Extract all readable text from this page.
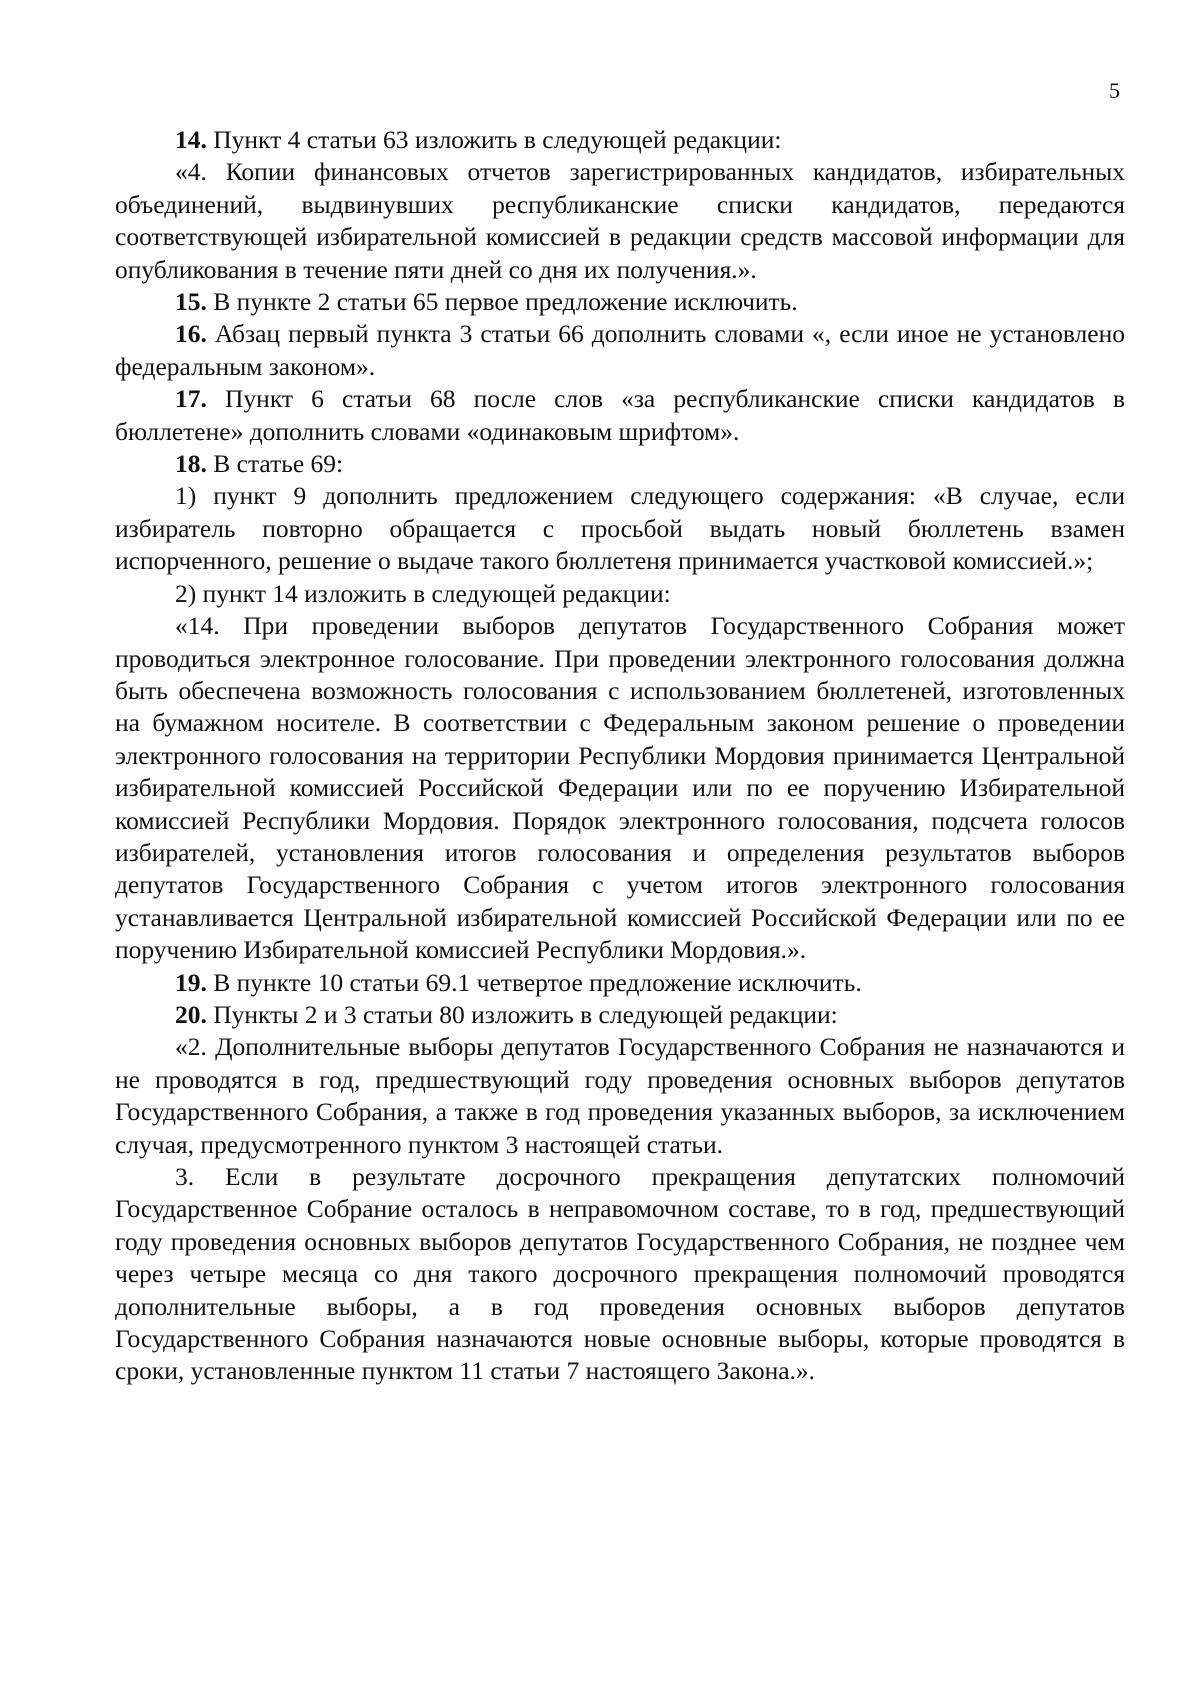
5

14. Пункт 4 статьи 63 изложить в следующей редакции:

«4. Копии финансовых отчетов зарегистрированных кандидатов, избирательных объединений, выдвинувших республиканские списки кандидатов, передаются соответствующей избирательной комиссией в редакции средств массовой информации для опубликования в течение пяти дней со дня их получения.».

15. В пункте 2 статьи 65 первое предложение исключить.

16. Абзац первый пункта 3 статьи 66 дополнить словами «, если иное не установлено федеральным законом».

17. Пункт 6 статьи 68 после слов «за республиканские списки кандидатов в бюллетене» дополнить словами «одинаковым шрифтом».

18. В статье 69:

1) пункт 9 дополнить предложением следующего содержания: «В случае, если избиратель повторно обращается с просьбой выдать новый бюллетень взамен испорченного, решение о выдаче такого бюллетеня принимается участковой комиссией.»;

2) пункт 14 изложить в следующей редакции:

«14. При проведении выборов депутатов Государственного Собрания может проводиться электронное голосование. При проведении электронного голосования должна быть обеспечена возможность голосования с использованием бюллетеней, изготовленных на бумажном носителе. В соответствии с Федеральным законом решение о проведении электронного голосования на территории Республики Мордовия принимается Центральной избирательной комиссией Российской Федерации или по ее поручению Избирательной комиссией Республики Мордовия. Порядок электронного голосования, подсчета голосов избирателей, установления итогов голосования и определения результатов выборов депутатов Государственного Собрания с учетом итогов электронного голосования устанавливается Центральной избирательной комиссией Российской Федерации или по ее поручению Избирательной комиссией Республики Мордовия.».

19. В пункте 10 статьи 69.1 четвертое предложение исключить.

20. Пункты 2 и 3 статьи 80 изложить в следующей редакции:

«2. Дополнительные выборы депутатов Государственного Собрания не назначаются и не проводятся в год, предшествующий году проведения основных выборов депутатов Государственного Собрания, а также в год проведения указанных выборов, за исключением случая, предусмотренного пунктом 3 настоящей статьи.

3. Если в результате досрочного прекращения депутатских полномочий Государственное Собрание осталось в неправомочном составе, то в год, предшествующий году проведения основных выборов депутатов Государственного Собрания, не позднее чем через четыре месяца со дня такого досрочного прекращения полномочий проводятся дополнительные выборы, а в год проведения основных выборов депутатов Государственного Собрания назначаются новые основные выборы, которые проводятся в сроки, установленные пунктом 11 статьи 7 настоящего Закона.».
